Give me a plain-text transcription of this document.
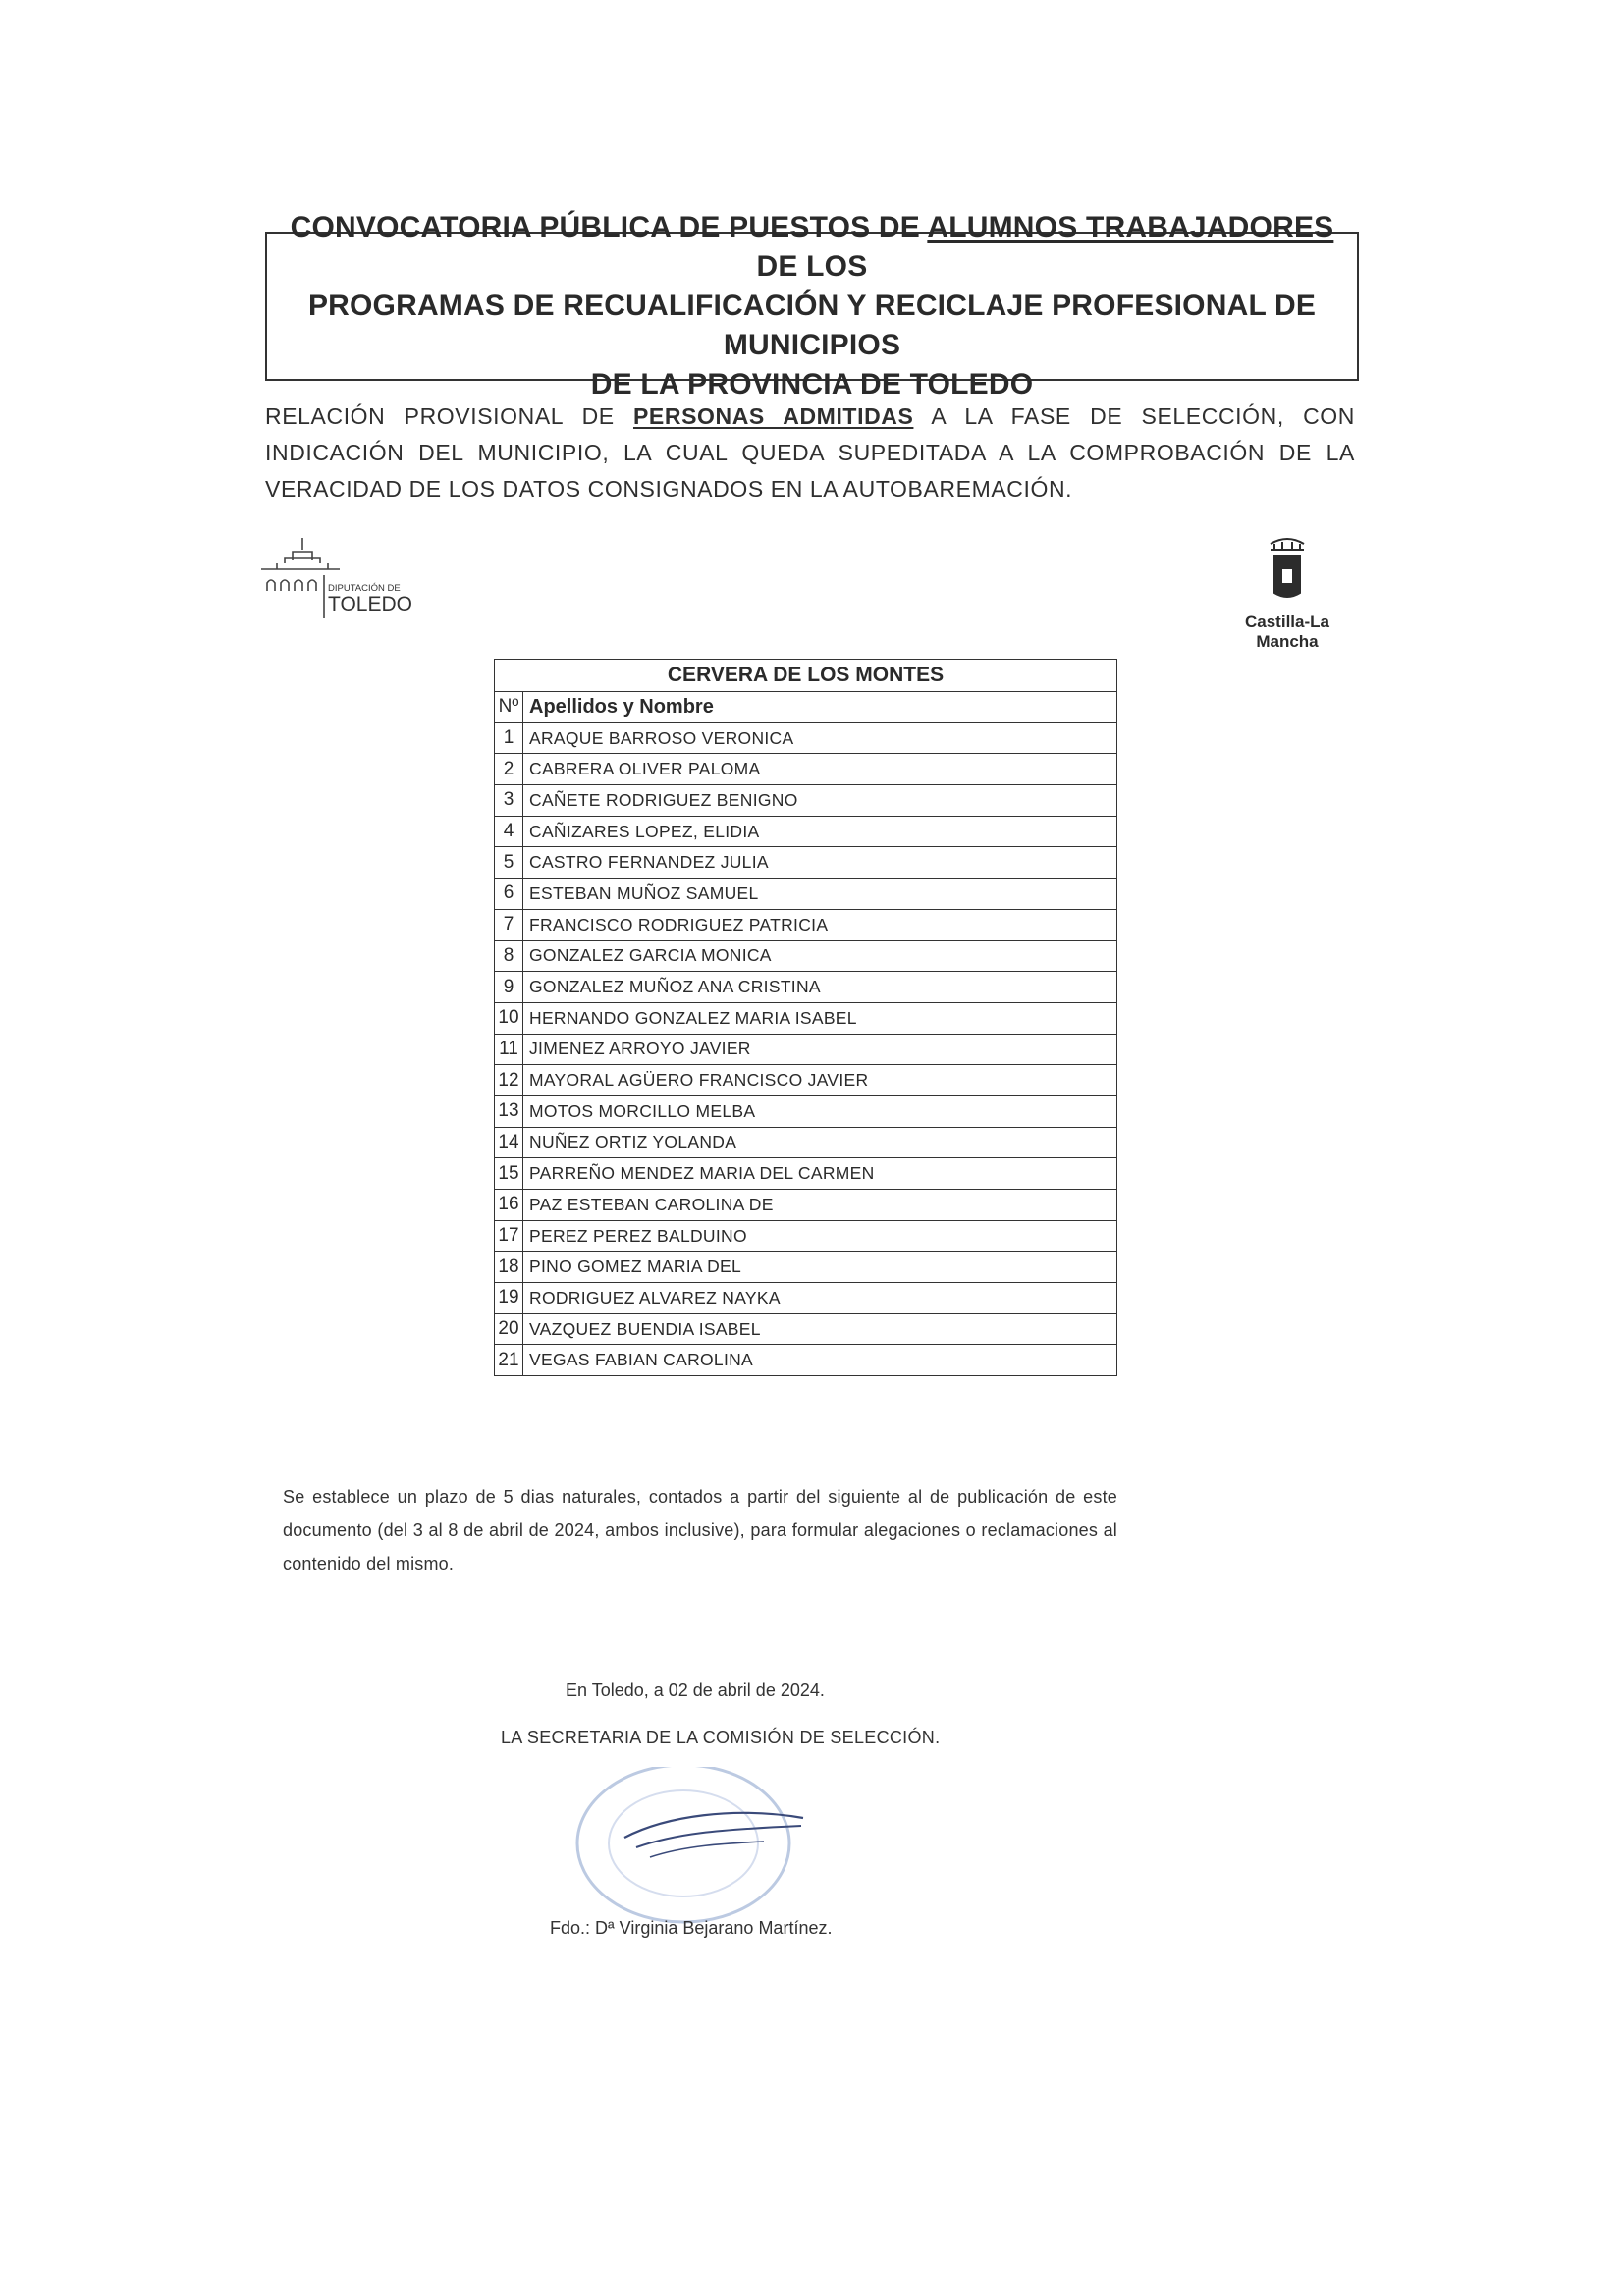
CONVOCATORIA PÚBLICA DE PUESTOS DE ALUMNOS TRABAJADORES DE LOS
PROGRAMAS DE RECUALIFICACIÓN Y RECICLAJE PROFESIONAL DE MUNICIPIOS
DE LA PROVINCIA DE TOLEDO
RELACIÓN PROVISIONAL DE PERSONAS ADMITIDAS A LA FASE DE SELECCIÓN, CON INDICACIÓN DEL MUNICIPIO, LA CUAL QUEDA SUPEDITADA A LA COMPROBACIÓN DE LA VERACIDAD DE LOS DATOS CONSIGNADOS EN LA AUTOBAREMACIÓN.
DIPUTACIÓN DE
TOLEDO
Castilla-La Mancha
CERVERA DE LOS MONTES	
Nº	Apellidos y Nombre
1	ARAQUE BARROSO VERONICA
2	CABRERA OLIVER PALOMA
3	CAÑETE RODRIGUEZ BENIGNO
4	CAÑIZARES LOPEZ, ELIDIA
5	CASTRO FERNANDEZ JULIA
6	ESTEBAN MUÑOZ SAMUEL
7	FRANCISCO RODRIGUEZ PATRICIA
8	GONZALEZ GARCIA MONICA
9	GONZALEZ MUÑOZ ANA CRISTINA
10	HERNANDO GONZALEZ MARIA ISABEL
11	JIMENEZ ARROYO JAVIER
12	MAYORAL AGÜERO FRANCISCO JAVIER
13	MOTOS MORCILLO MELBA
14	NUÑEZ ORTIZ YOLANDA
15	PARREÑO MENDEZ MARIA DEL CARMEN
16	PAZ ESTEBAN CAROLINA DE
17	PEREZ PEREZ BALDUINO
18	PINO GOMEZ MARIA DEL
19	RODRIGUEZ ALVAREZ NAYKA
20	VAZQUEZ BUENDIA ISABEL
21	VEGAS FABIAN CAROLINA
Se establece un plazo de 5 dias naturales, contados a partir del siguiente al de publicación de este documento (del 3 al 8 de abril de 2024, ambos inclusive), para formular alegaciones o reclamaciones al contenido del mismo.
En Toledo, a 02 de abril de 2024.
LA SECRETARIA DE LA COMISIÓN DE SELECCIÓN.
Fdo.: Dª Virginia Bejarano Martínez.
